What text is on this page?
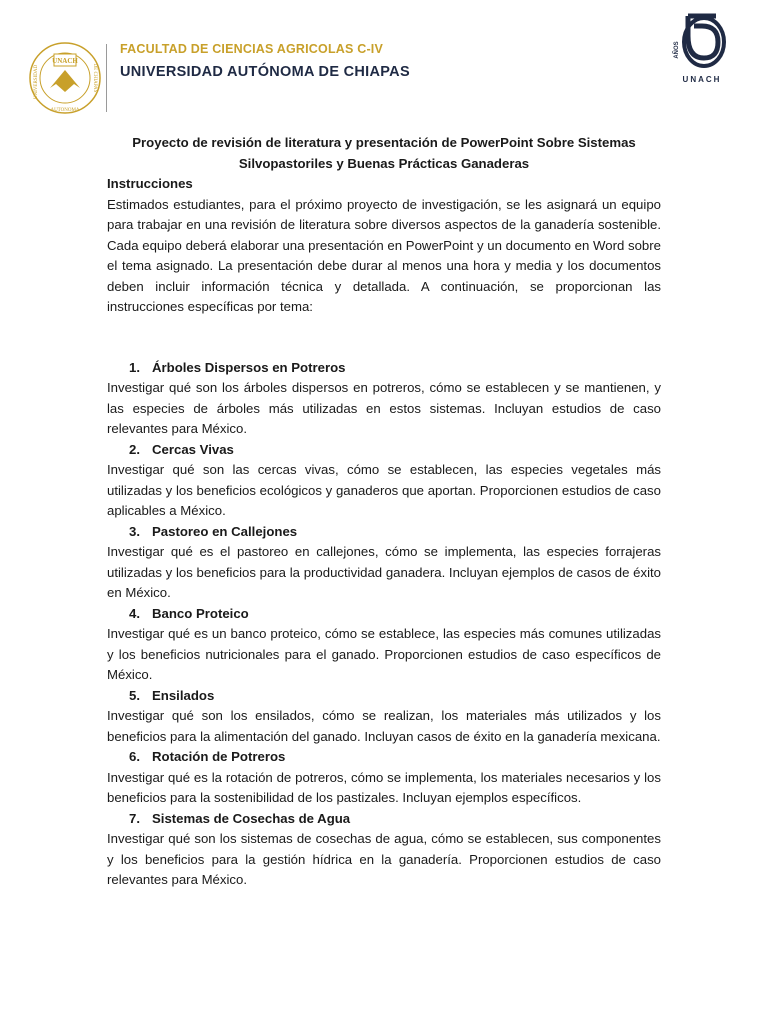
UNACH
UNIVERSIDAD	DE CHIAPAS
AUTONOMA
FACULTAD DE CIENCIAS AGRICOLAS C-IV
UNIVERSIDAD AUTÓNOMA DE CHIAPAS
AÑOS
UNACH

Proyecto de revisión de literatura y presentación de PowerPoint Sobre Sistemas Silvopastoriles y Buenas Prácticas Ganaderas

Instrucciones

Estimados estudiantes, para el próximo proyecto de investigación, se les asignará un equipo para trabajar en una revisión de literatura sobre diversos aspectos de la ganadería sostenible. Cada equipo deberá elaborar una presentación en PowerPoint y un documento en Word sobre el tema asignado. La presentación debe durar al menos una hora y media y los documentos deben incluir información técnica y detallada. A continuación, se proporcionan las instrucciones específicas por tema:

1. Árboles Dispersos en Potreros

Investigar qué son los árboles dispersos en potreros, cómo se establecen y se mantienen, y las especies de árboles más utilizadas en estos sistemas. Incluyan estudios de caso relevantes para México.

2. Cercas Vivas

Investigar qué son las cercas vivas, cómo se establecen, las especies vegetales más utilizadas y los beneficios ecológicos y ganaderos que aportan. Proporcionen estudios de caso aplicables a México.

3. Pastoreo en Callejones

Investigar qué es el pastoreo en callejones, cómo se implementa, las especies forrajeras utilizadas y los beneficios para la productividad ganadera. Incluyan ejemplos de casos de éxito en México.

4. Banco Proteico

Investigar qué es un banco proteico, cómo se establece, las especies más comunes utilizadas y los beneficios nutricionales para el ganado. Proporcionen estudios de caso específicos de México.

5. Ensilados

Investigar qué son los ensilados, cómo se realizan, los materiales más utilizados y los beneficios para la alimentación del ganado. Incluyan casos de éxito en la ganadería mexicana.

6. Rotación de Potreros

Investigar qué es la rotación de potreros, cómo se implementa, los materiales necesarios y los beneficios para la sostenibilidad de los pastizales. Incluyan ejemplos específicos.

7. Sistemas de Cosechas de Agua

Investigar qué son los sistemas de cosechas de agua, cómo se establecen, sus componentes y los beneficios para la gestión hídrica en la ganadería. Proporcionen estudios de caso relevantes para México.
